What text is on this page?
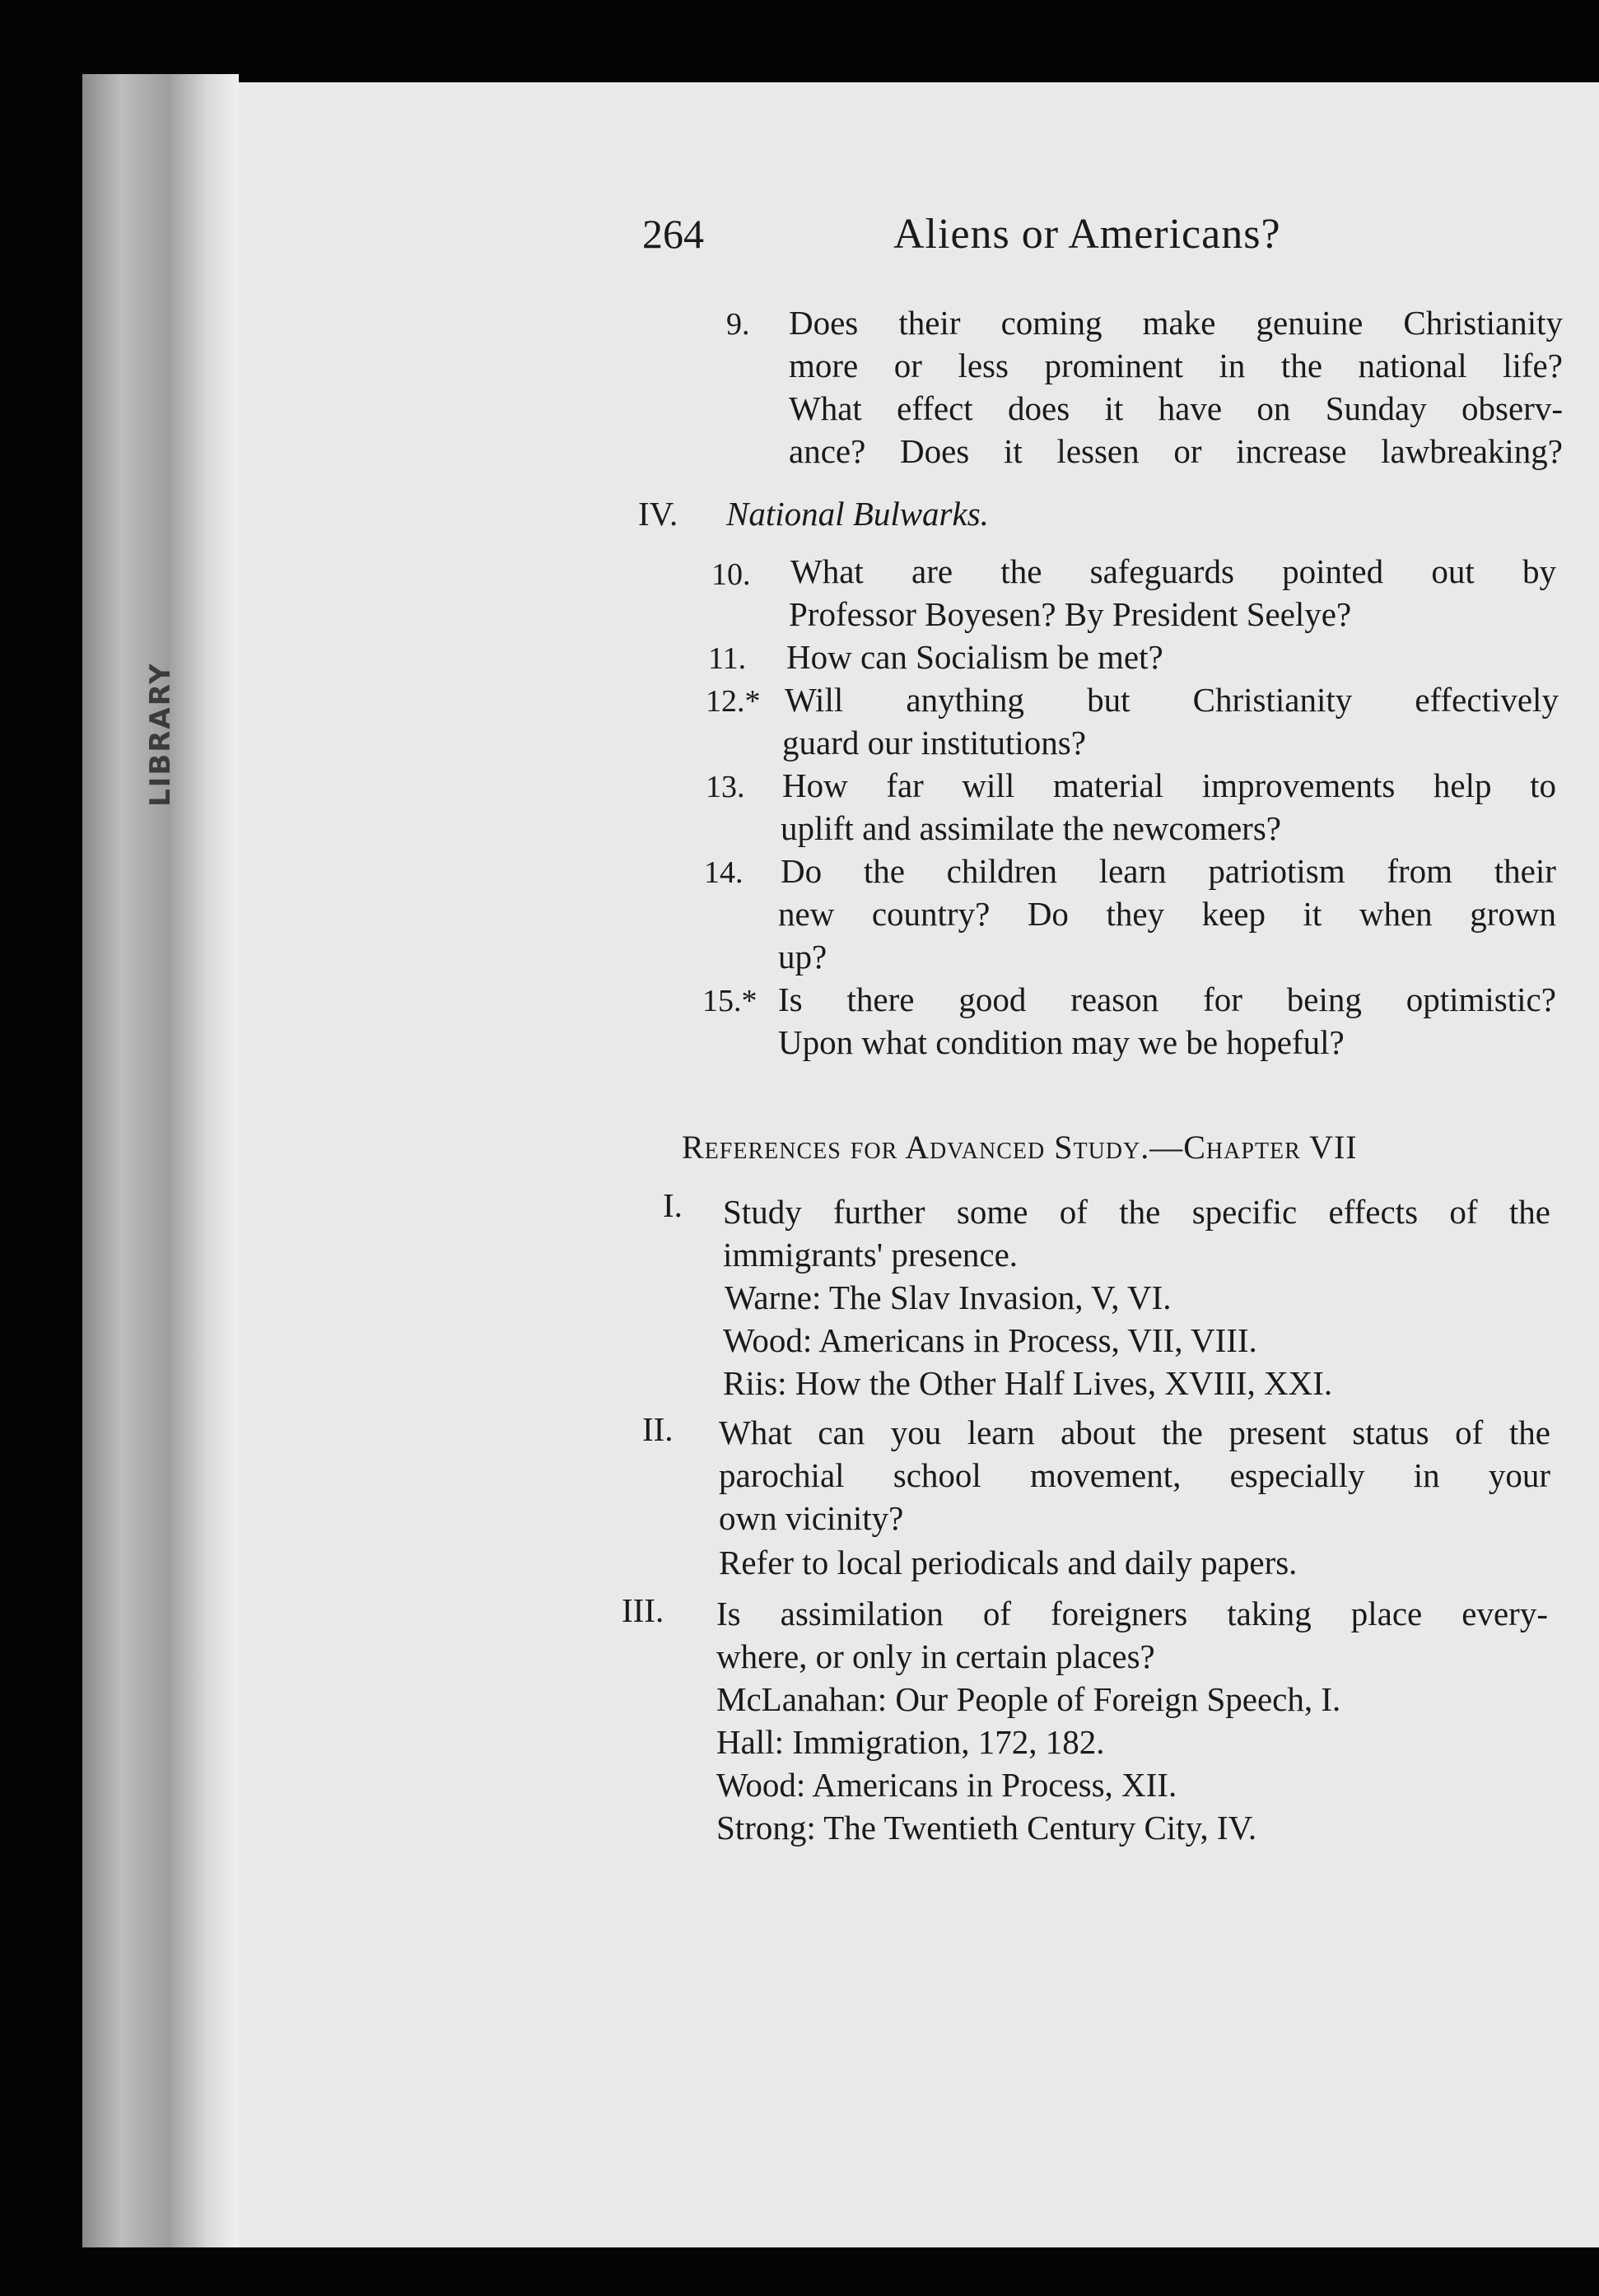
LIBRARY
264	Aliens or Americans?
9. Does their coming make genuine Christianity
more or less prominent in the national life?
What effect does it have on Sunday observ-
ance? Does it lessen or increase lawbreaking?
IV. National Bulwarks.
10. What are the safeguards pointed out by
Professor Boyesen? By President Seelye?
11. How can Socialism be met?
12.* Will anything but Christianity effectively
guard our institutions?
13. How far will material improvements help to
uplift and assimilate the newcomers?
14. Do the children learn patriotism from their
new country? Do they keep it when grown
up?
15.* Is there good reason for being optimistic?
Upon what condition may we be hopeful?
References for Advanced Study.—Chapter VII
I. Study further some of the specific effects of the
immigrants' presence.
Warne: The Slav Invasion, V, VI.
Wood: Americans in Process, VII, VIII.
Riis: How the Other Half Lives, XVIII, XXI.
II. What can you learn about the present status of the
parochial school movement, especially in your
own vicinity?
Refer to local periodicals and daily papers.
III. Is assimilation of foreigners taking place every-
where, or only in certain places?
McLanahan: Our People of Foreign Speech, I.
Hall: Immigration, 172, 182.
Wood: Americans in Process, XII.
Strong: The Twentieth Century City, IV.
